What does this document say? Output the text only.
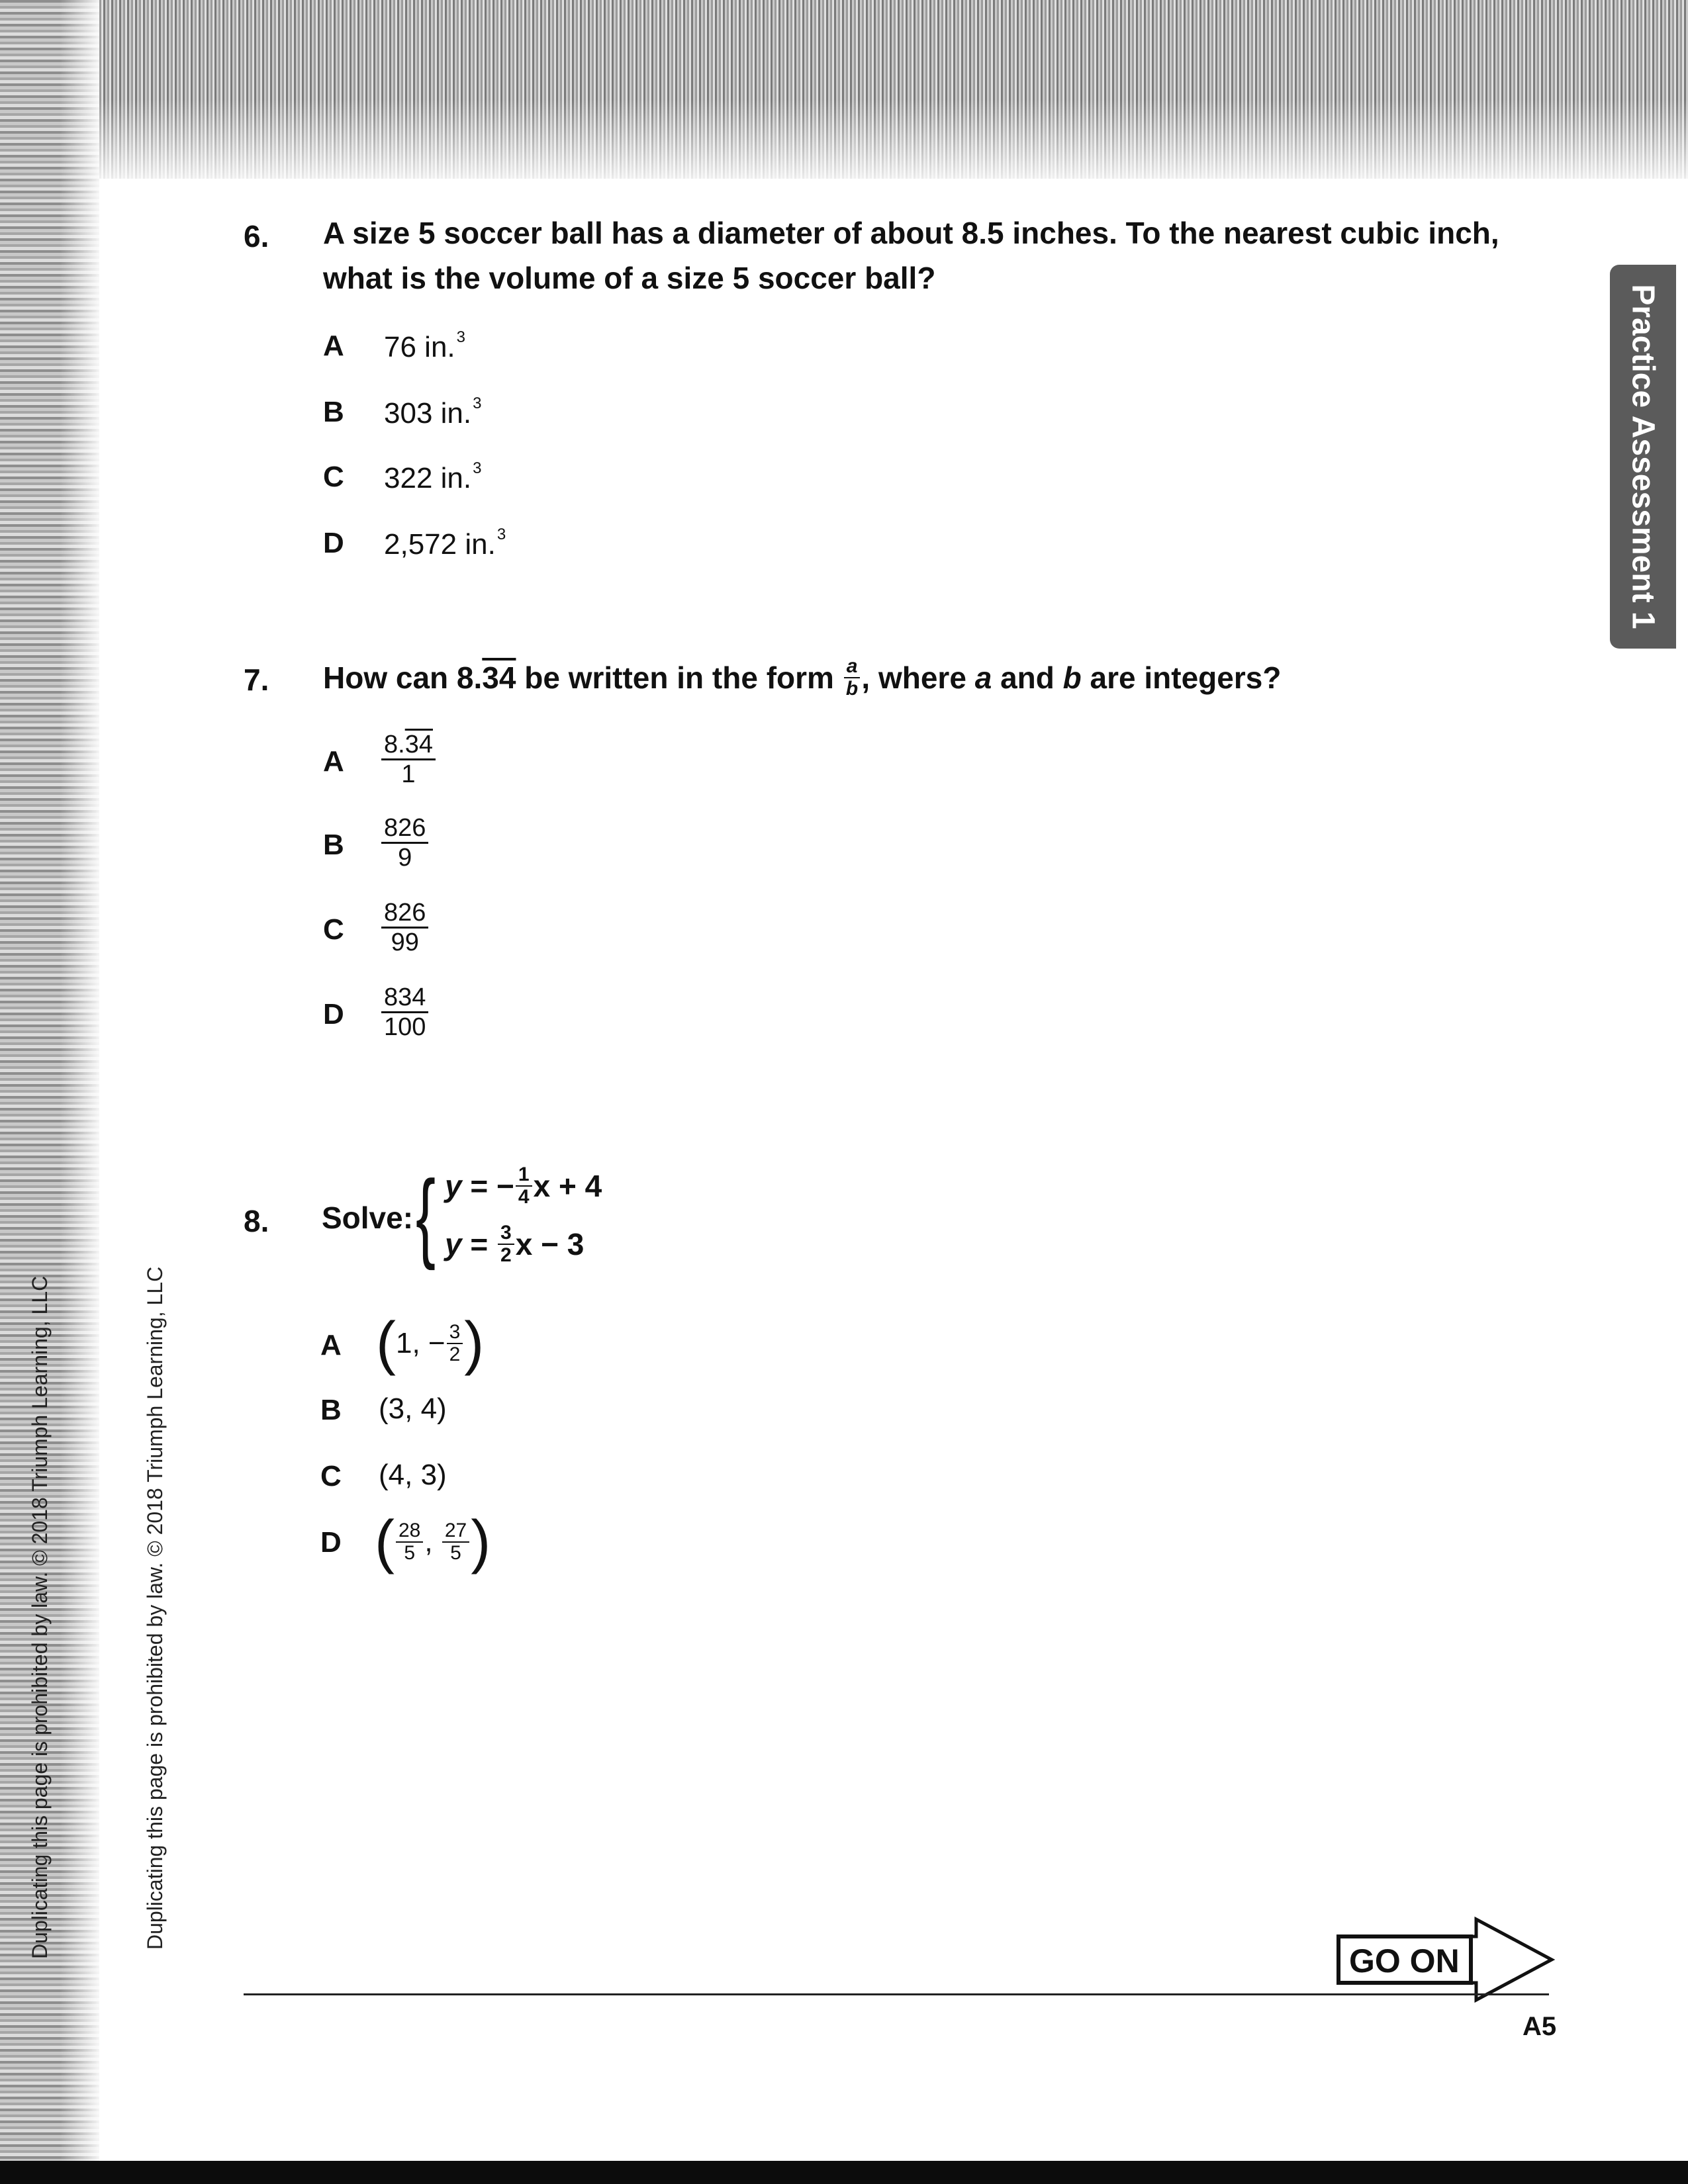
Practice Assessment 1
Duplicating this page is prohibited by law. © 2018 Triumph Learning, LLC	Duplicating this page is prohibited by law. © 2018 Triumph Learning, LLC
6. A size 5 soccer ball has a diameter of about 8.5 inches. To the nearest cubic inch,
what is the volume of a size 5 soccer ball?
A 76 in.$^3$
B 303 in.$^3$
C 322 in.$^3$
D 2,572 in.$^3$
7. How can 8. 34 be written in the form $\frac{a}{b}$ , where a and b are integers?
A $\frac{8.34}{1}$
B $\frac{826}{9}$
C $\frac{826}{99}$
D $\frac{834}{100}$
8. Solve: { y = − $\frac{1}{4}$ x + 4
$y = \frac{3}{2}$ x − 3
A ( 1, − $\frac{3}{2}$ )
B (3, 4)
C (4, 3)
D ( $\frac{28}{5}$ , $\frac{27}{5}$ )
GO ON
A5
